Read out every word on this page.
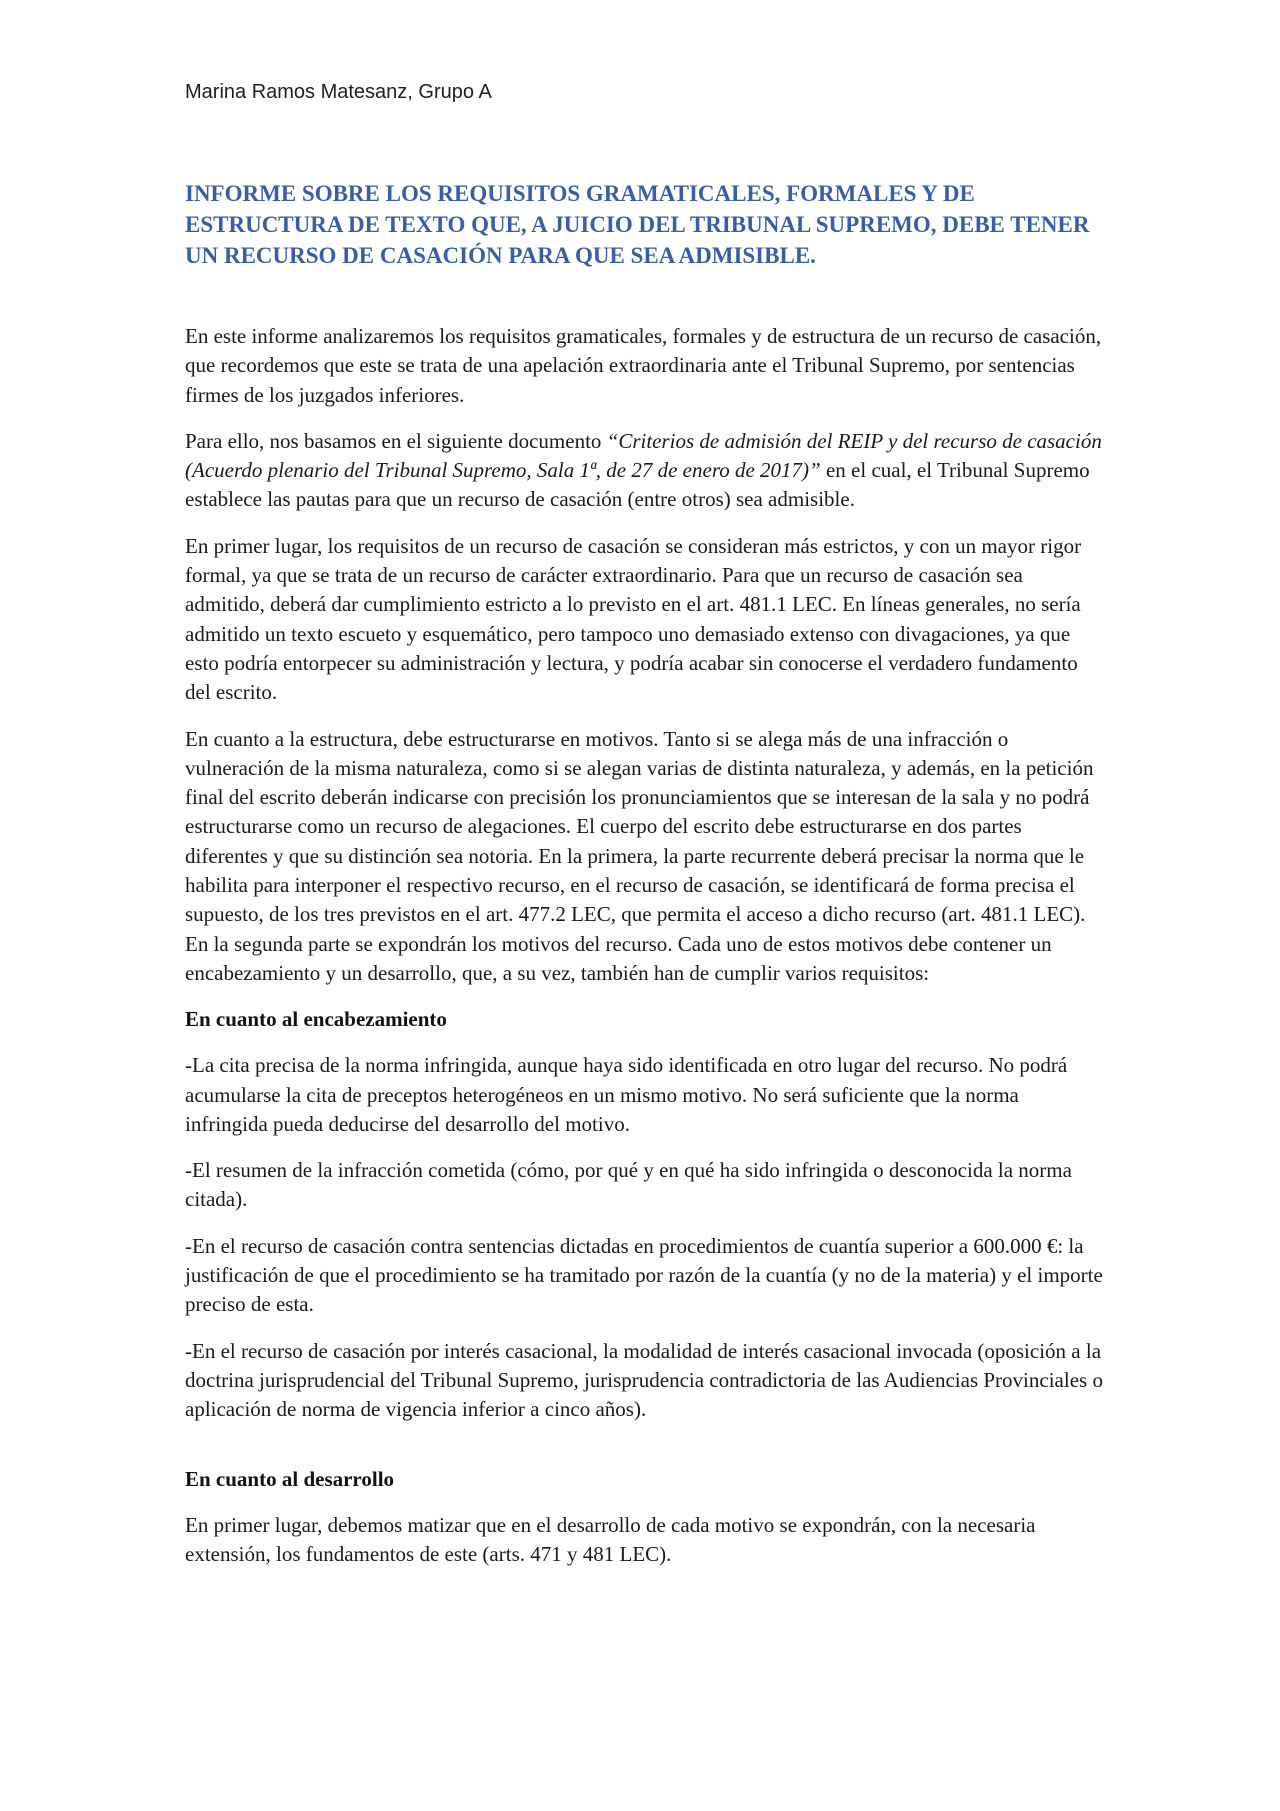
Marina Ramos Matesanz, Grupo A

INFORME SOBRE LOS REQUISITOS GRAMATICALES, FORMALES Y DE ESTRUCTURA DE TEXTO QUE, A JUICIO DEL TRIBUNAL SUPREMO, DEBE TENER UN RECURSO DE CASACIÓN PARA QUE SEA ADMISIBLE.

En este informe analizaremos los requisitos gramaticales, formales y de estructura de un recurso de casación, que recordemos que este se trata de una apelación extraordinaria ante el Tribunal Supremo, por sentencias firmes de los juzgados inferiores.

Para ello, nos basamos en el siguiente documento “Criterios de admisión del REIP y del recurso de casación (Acuerdo plenario del Tribunal Supremo, Sala 1ª, de 27 de enero de 2017)” en el cual, el Tribunal Supremo establece las pautas para que un recurso de casación (entre otros) sea admisible.

En primer lugar, los requisitos de un recurso de casación se consideran más estrictos, y con un mayor rigor formal, ya que se trata de un recurso de carácter extraordinario. Para que un recurso de casación sea admitido, deberá dar cumplimiento estricto a lo previsto en el art. 481.1 LEC. En líneas generales, no sería admitido un texto escueto y esquemático, pero tampoco uno demasiado extenso con divagaciones, ya que esto podría entorpecer su administración y lectura, y podría acabar sin conocerse el verdadero fundamento del escrito.

En cuanto a la estructura, debe estructurarse en motivos. Tanto si se alega más de una infracción o vulneración de la misma naturaleza, como si se alegan varias de distinta naturaleza, y además, en la petición final del escrito deberán indicarse con precisión los pronunciamientos que se interesan de la sala y no podrá estructurarse como un recurso de alegaciones. El cuerpo del escrito debe estructurarse en dos partes diferentes y que su distinción sea notoria. En la primera, la parte recurrente deberá precisar la norma que le habilita para interponer el respectivo recurso, en el recurso de casación, se identificará de forma precisa el supuesto, de los tres previstos en el art. 477.2 LEC, que permita el acceso a dicho recurso (art. 481.1 LEC). En la segunda parte se expondrán los motivos del recurso. Cada uno de estos motivos debe contener un encabezamiento y un desarrollo, que, a su vez, también han de cumplir varios requisitos:

En cuanto al encabezamiento

-La cita precisa de la norma infringida, aunque haya sido identificada en otro lugar del recurso. No podrá acumularse la cita de preceptos heterogéneos en un mismo motivo. No será suficiente que la norma infringida pueda deducirse del desarrollo del motivo.

-El resumen de la infracción cometida (cómo, por qué y en qué ha sido infringida o desconocida la norma citada).

-En el recurso de casación contra sentencias dictadas en procedimientos de cuantía superior a 600.000 €: la justificación de que el procedimiento se ha tramitado por razón de la cuantía (y no de la materia) y el importe preciso de esta.

-En el recurso de casación por interés casacional, la modalidad de interés casacional invocada (oposición a la doctrina jurisprudencial del Tribunal Supremo, jurisprudencia contradictoria de las Audiencias Provinciales o aplicación de norma de vigencia inferior a cinco años).

En cuanto al desarrollo

En primer lugar, debemos matizar que en el desarrollo de cada motivo se expondrán, con la necesaria extensión, los fundamentos de este (arts. 471 y 481 LEC).
